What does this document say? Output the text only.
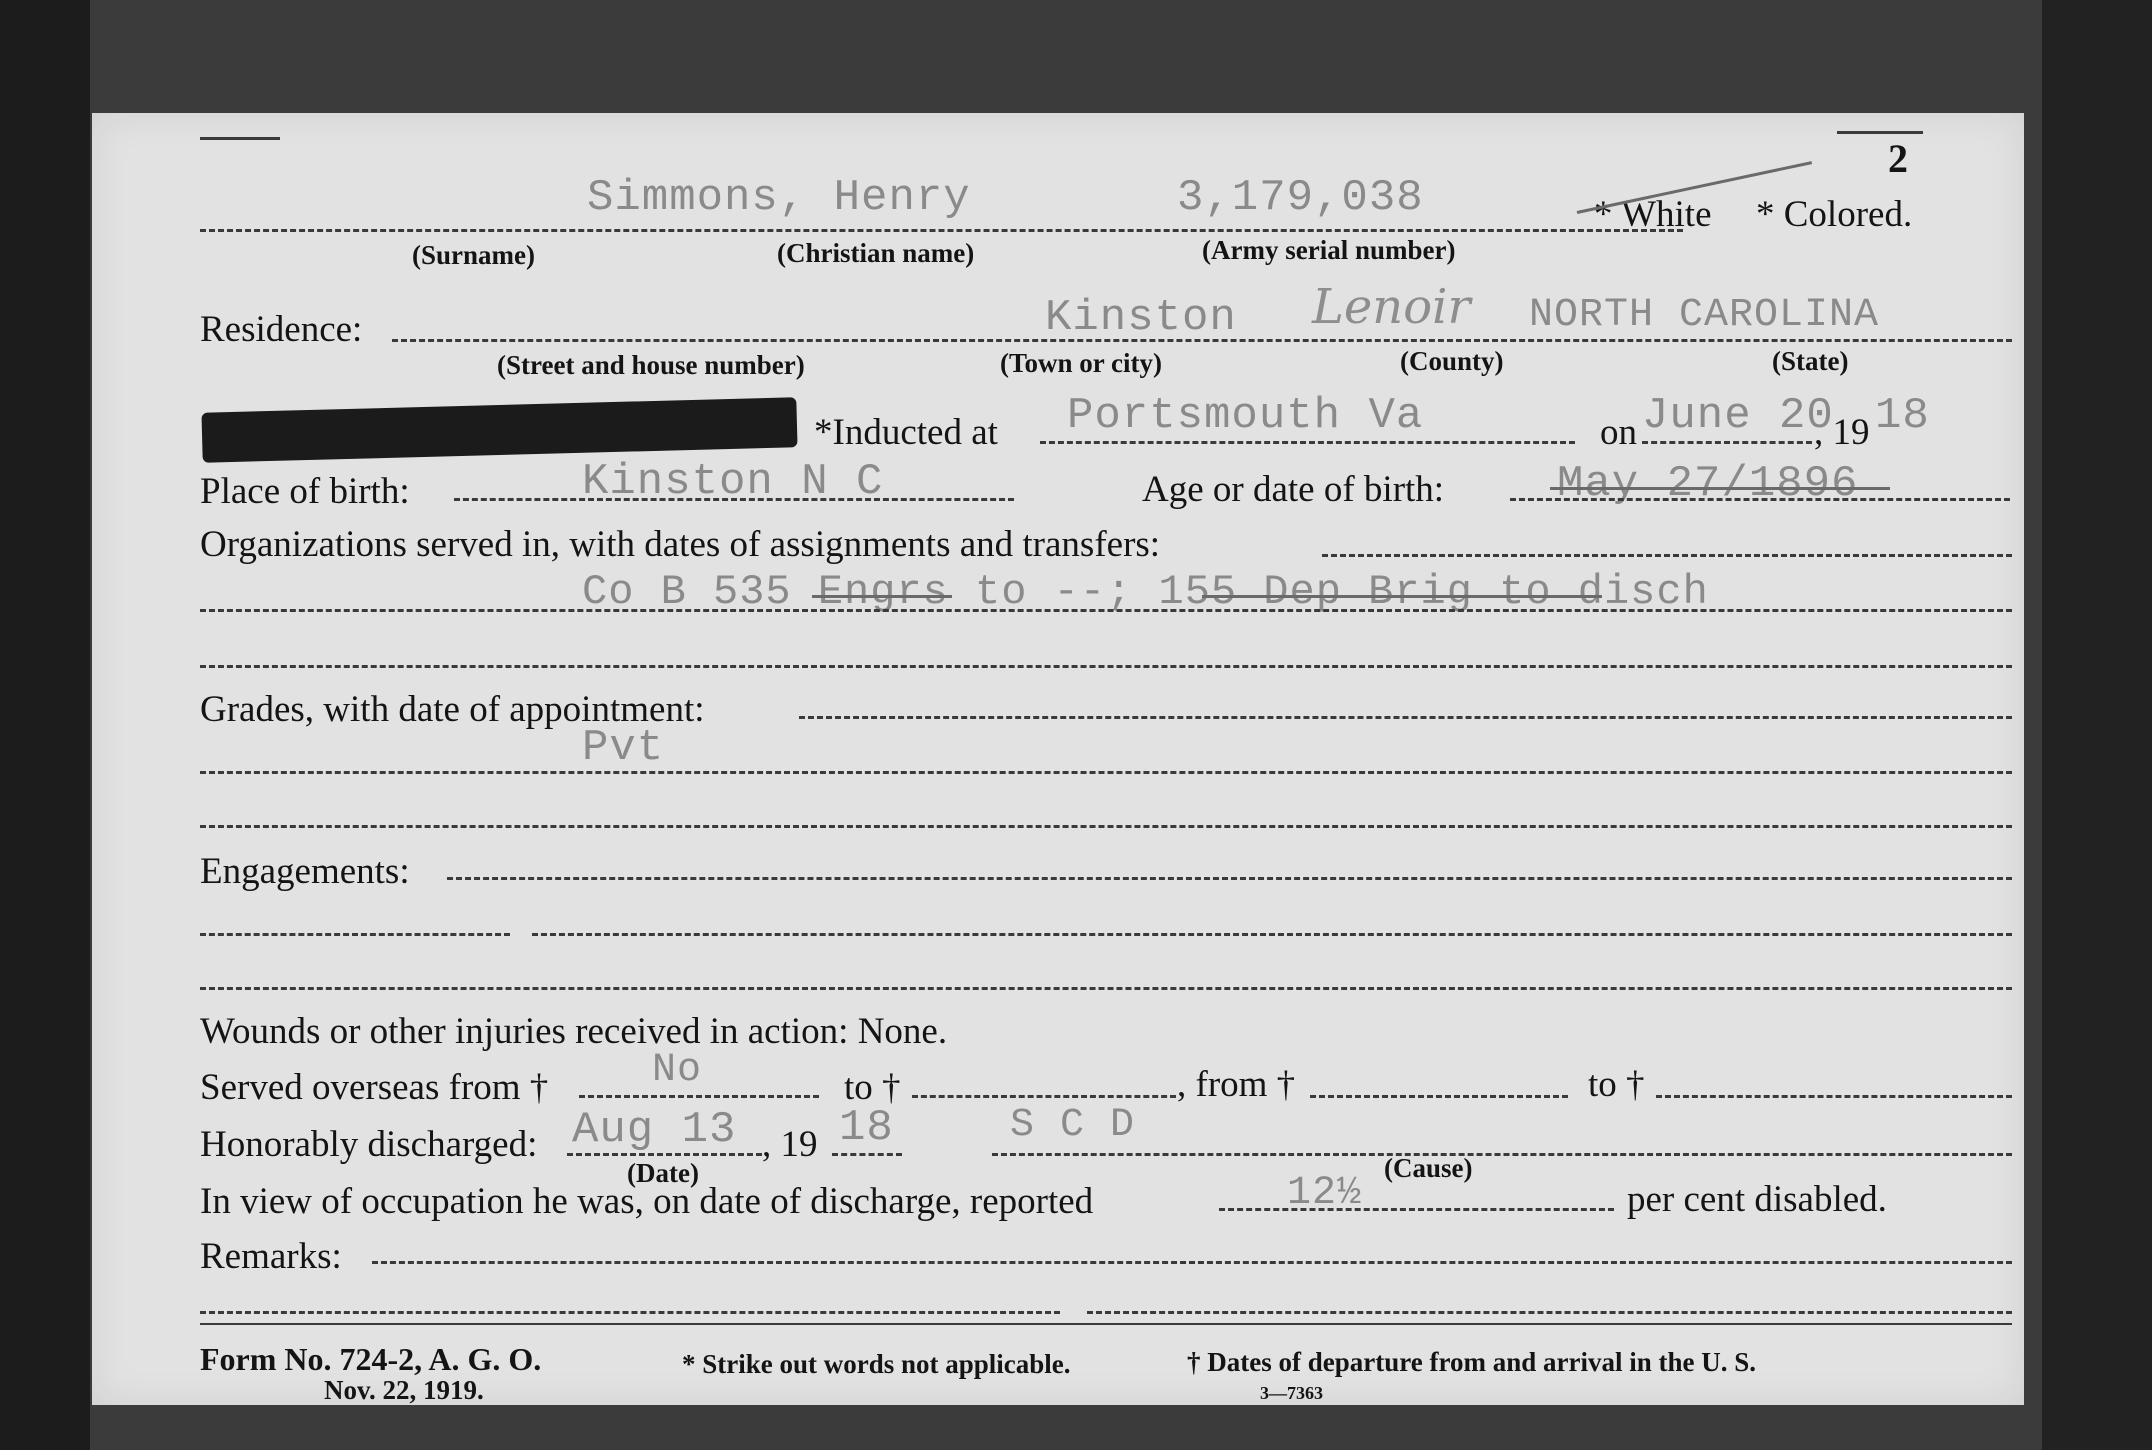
2
Simmons, Henry	3,179,038	* White * Colored.
(Surname)	(Christian name)	(Army serial number)
Residence:	Kinston Lenoir NORTH CAROLINA
(Street and house number)	(Town or city)	(County)	(State)
*Inducted at Portsmouth Va	on June 20
, 19 18
Place of birth:	Kinston N C	Age or date of birth:	May 27/1896
Organizations served in, with dates of assignments and transfers:
Co B 535 Engrs to --; 155 Dep Brig to disch
Grades, with date of appointment:
Pvt
Engagements:
Wounds or other injuries received in action: None.
Served overseas from †	No	to †	, from †	to †
Honorably discharged: Aug 13 , 19 18	S C D
(Date)	(Cause)
In view of occupation he was, on date of discharge, reported	12½	per cent disabled.
Remarks:
Form No. 724-2, A. G. O.
Nov. 22, 1919.
* Strike out words not applicable.	† Dates of departure from and arrival in the U. S.
3—7363
